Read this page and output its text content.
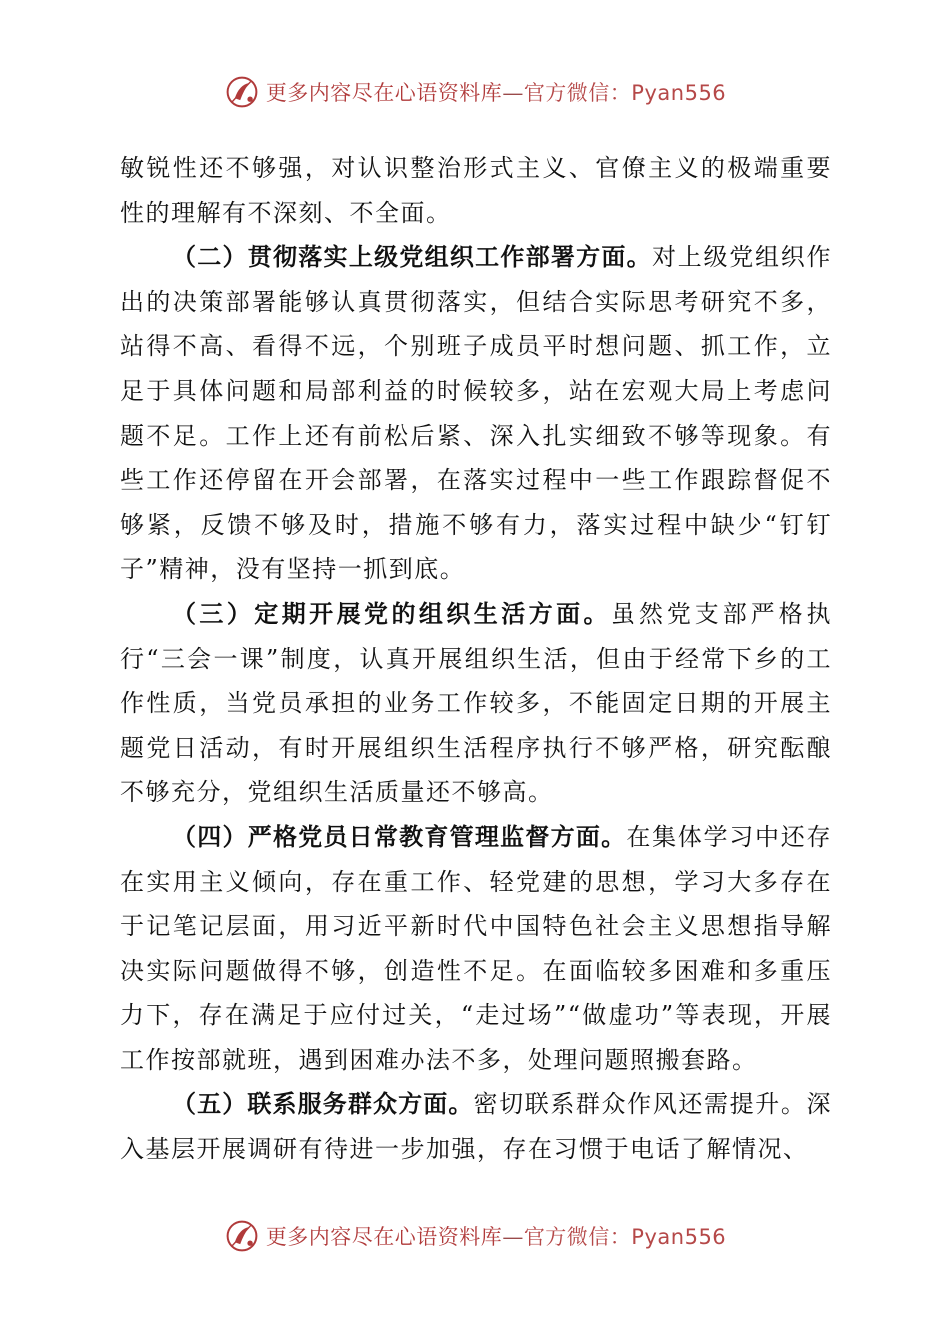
更多内容尽在心语资料库—官方微信：Pyan556

敏锐性还不够强，对认识整治形式主义、官僚主义的极端重要性的理解有不深刻、不全面。

（二）贯彻落实上级党组织工作部署方面。对上级党组织作出的决策部署能够认真贯彻落实，但结合实际思考研究不多，站得不高、看得不远，个别班子成员平时想问题、抓工作，立足于具体问题和局部利益的时候较多，站在宏观大局上考虑问题不足。工作上还有前松后紧、深入扎实细致不够等现象。有些工作还停留在开会部署，在落实过程中一些工作跟踪督促不够紧，反馈不够及时，措施不够有力，落实过程中缺少“钉钉子”精神，没有坚持一抓到底。

（三）定期开展党的组织生活方面。虽然党支部严格执行“三会一课”制度，认真开展组织生活，但由于经常下乡的工作性质，当党员承担的业务工作较多，不能固定日期的开展主题党日活动，有时开展组织生活程序执行不够严格，研究酝酿不够充分，党组织生活质量还不够高。

（四）严格党员日常教育管理监督方面。在集体学习中还存在实用主义倾向，存在重工作、轻党建的思想，学习大多存在于记笔记层面，用习近平新时代中国特色社会主义思想指导解决实际问题做得不够，创造性不足。在面临较多困难和多重压力下，存在满足于应付过关，“走过场”“做虚功”等表现，开展工作按部就班，遇到困难办法不多，处理问题照搬套路。

（五）联系服务群众方面。密切联系群众作风还需提升。深入基层开展调研有待进一步加强，存在习惯于电话了解情况、

更多内容尽在心语资料库—官方微信：Pyan556
